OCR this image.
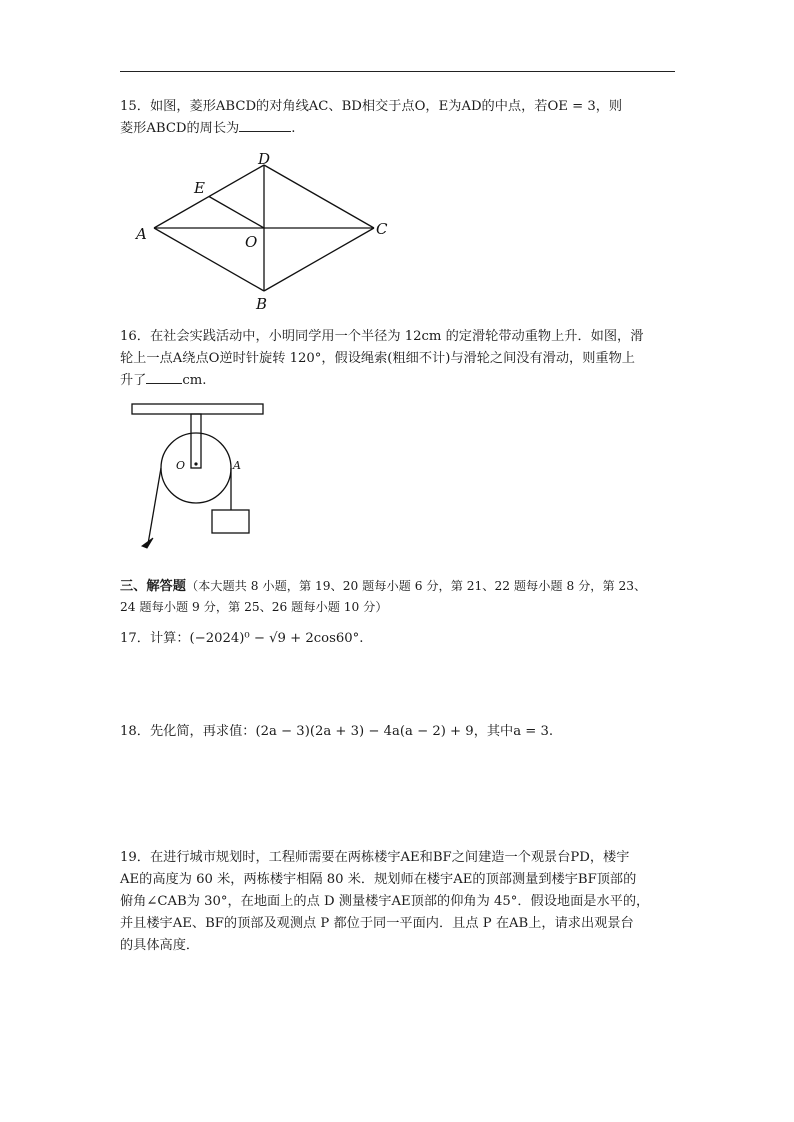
15．如图，菱形ABCD的对角线AC、BD相交于点O，E为AD的中点，若OE = 3，则

菱形ABCD的周长为	.

D
E
A	O
C
B

16．在社会实践活动中，小明同学用一个半径为 12cm 的定滑轮带动重物上升．如图，滑

轮上一点A绕点O逆时针旋转 120°，假设绳索(粗细不计)与滑轮之间没有滑动，则重物上

升了	cm.

O	A

三、解答题（本大题共 8 小题，第 19、20 题每小题 6 分，第 21、22 题每小题 8 分，第 23、

24 题每小题 9 分，第 25、26 题每小题 10 分）

17．计算：(−2024)⁰ − √9 + 2cos60°.

18．先化简，再求值：(2a − 3)(2a + 3) − 4a(a − 2) + 9，其中a = 3.

19．在进行城市规划时，工程师需要在两栋楼宇AE和BF之间建造一个观景台PD，楼宇

AE的高度为 60 米，两栋楼宇相隔 80 米．规划师在楼宇AE的顶部测量到楼宇BF顶部的

俯角∠CAB为 30°，在地面上的点 D 测量楼宇AE顶部的仰角为 45°．假设地面是水平的，

并且楼宇AE、BF的顶部及观测点 P 都位于同一平面内．且点 P 在AB上，请求出观景台

的具体高度．
